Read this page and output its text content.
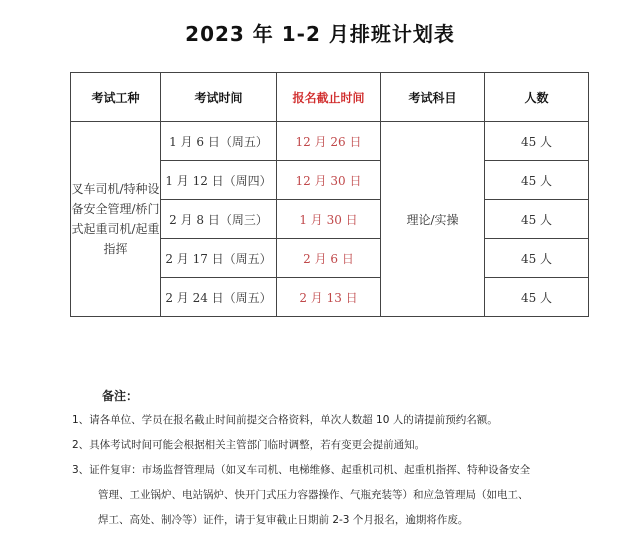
2023 年 1-2 月排班计划表
考试工种	考试时间	报名截止时间	考试科目	人数
叉车司机/特种设备安全管理/桥门式起重司机/起重指挥	1 月 6 日（周五）	12 月 26 日	理论/实操	45 人
	1 月 12 日（周四）	12 月 30 日		45 人
	2 月 8 日（周三）	1 月 30 日		45 人
	2 月 17 日（周五）	2 月 6 日		45 人
	2 月 24 日（周五）	2 月 13 日		45 人
备注：
1、请各单位、学员在报名截止时间前提交合格资料，单次人数超 10 人的请提前预约名额。
2、具体考试时间可能会根据相关主管部门临时调整，若有变更会提前通知。
3、证件复审：市场监督管理局（如叉车司机、电梯维修、起重机司机、起重机指挥、特种设备安全
管理、工业锅炉、电站锅炉、快开门式压力容器操作、气瓶充装等）和应急管理局（如电工、
焊工、高处、制冷等）证件，请于复审截止日期前 2-3 个月报名，逾期将作废。
